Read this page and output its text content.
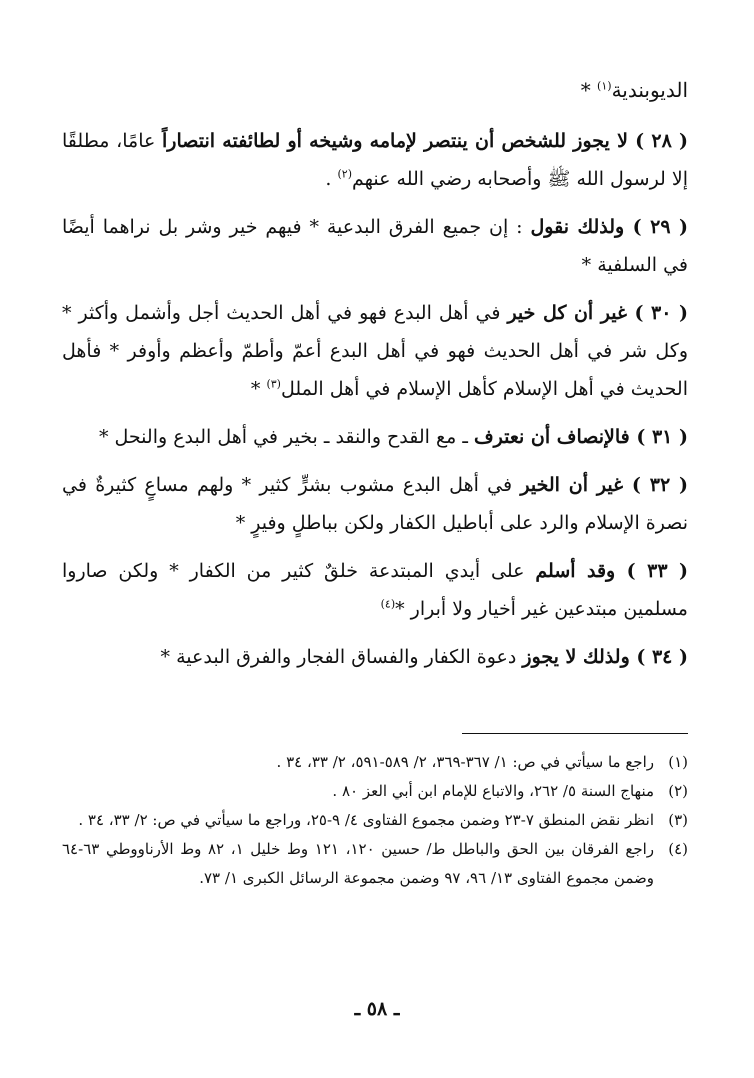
الديوبندية$^{(١)}$ *

( ٢٨ ) لا يجوز للشخص أن ينتصر لإمامه وشيخه أو لطائفته انتصاراً عامًا، مطلقًا إلا لرسول الله ﷺ وأصحابه رضي الله عنهم$^{(٢)}$ .

( ٢٩ ) ولذلك نقول : إن جميع الفرق البدعية * فيهم خير وشر بل نراهما أيضًا في السلفية *

( ٣٠ ) غير أن كل خير في أهل البدع فهو في أهل الحديث أجل وأشمل وأكثر * وكل شر في أهل الحديث فهو في أهل البدع أعمّ وأطمّ وأعظم وأوفر * فأهل الحديث في أهل الإسلام كأهل الإسلام في أهل الملل$^{(٣)}$ *

( ٣١ ) فالإنصاف أن نعترف ـ مع القدح والنقد ـ بخير في أهل البدع والنحل *

( ٣٢ ) غير أن الخير في أهل البدع مشوب بشرٍّ كثير * ولهم مساعٍ كثيرةٌ في نصرة الإسلام والرد على أباطيل الكفار ولكن بباطلٍ وفيرٍ *

( ٣٣ ) وقد أسلم على أيدي المبتدعة خلقٌ كثير من الكفار * ولكن صاروا مسلمين مبتدعين غير أخيار ولا أبرار *$^{(٤)}$

( ٣٤ ) ولذلك لا يجوز دعوة الكفار والفساق الفجار والفرق البدعية *

(١)
راجع ما سيأتي في ص: ١/ ٣٦٧-٣٦٩، ٢/ ٥٨٩-٥٩١، ٢/ ٣٣، ٣٤ .
(٢)
منهاج السنة ٥/ ٢٦٢، والاتباع للإمام ابن أبي العز ٨٠ .
(٣)
انظر نقض المنطق ٧-٢٣ وضمن مجموع الفتاوى ٤/ ٩-٢٥، وراجع ما سيأتي في ص: ٢/ ٣٣، ٣٤ .
(٤)
راجع الفرقان بين الحق والباطل ط/ حسين ١٢٠، ١٢١ وط خليل ١، ٨٢ وط الأرناووطي ٦٣-٦٤ وضمن مجموع الفتاوى ١٣/ ٩٦، ٩٧ وضمن مجموعة الرسائل الكبرى ١/ ٧٣.
ـ ٥٨ ـ
